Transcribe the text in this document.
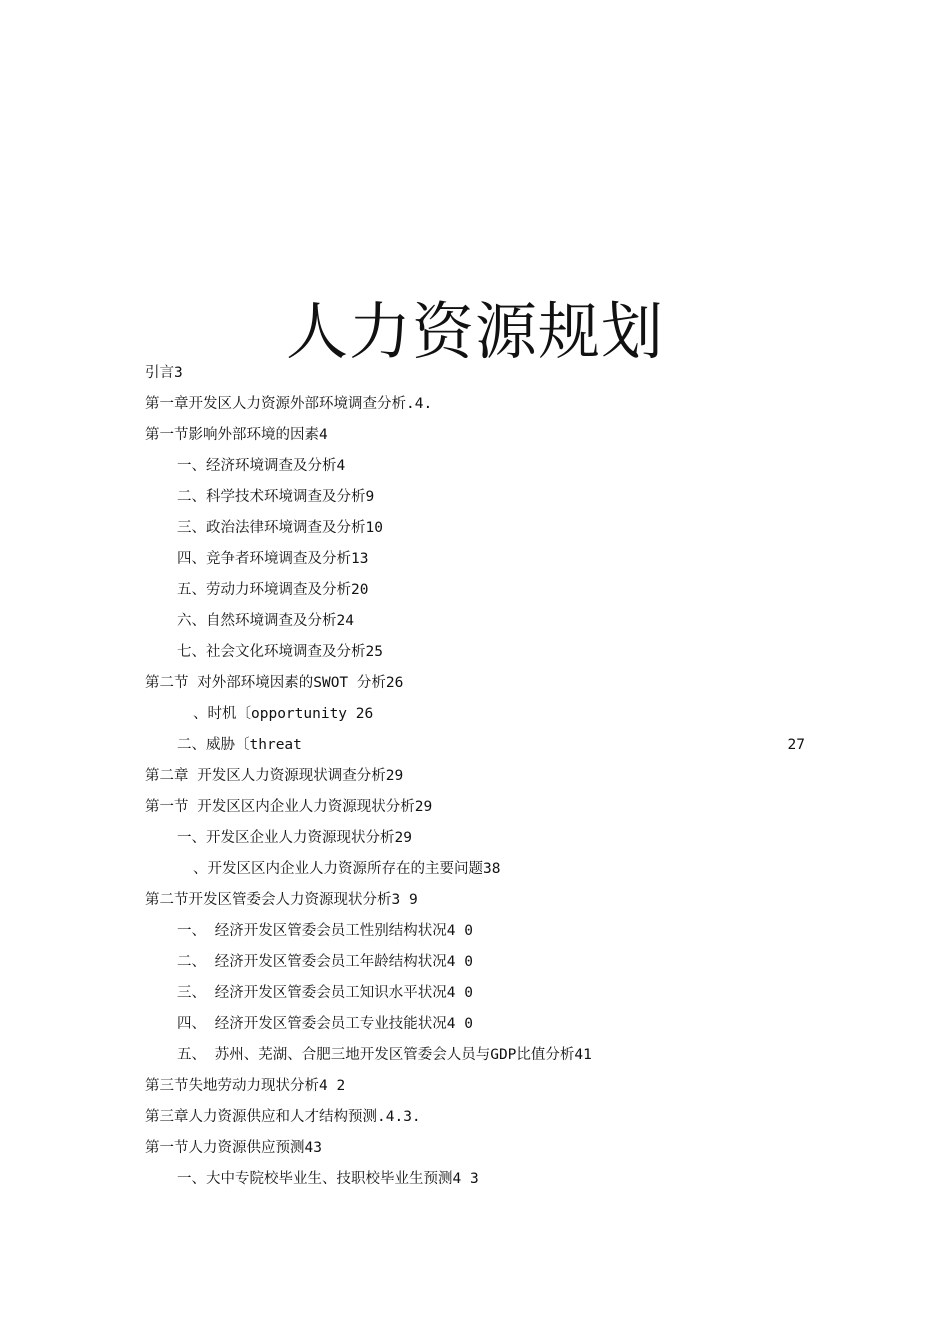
人力资源规划
引言3
第一章开发区人力资源外部环境调查分析.4.
第一节影响外部环境的因素4
一、经济环境调查及分析4
二、科学技术环境调查及分析9
三、政治法律环境调查及分析10
四、竞争者环境调查及分析13
五、劳动力环境调查及分析20
六、自然环境调查及分析24
七、社会文化环境调查及分析25
第二节 对外部环境因素的SWOT 分析26
、时机〔opportunity 26
二、威胁〔threat	27
第二章 开发区人力资源现状调查分析29
第一节 开发区区内企业人力资源现状分析29
一、开发区企业人力资源现状分析29
、开发区区内企业人力资源所存在的主要问题38
第二节开发区管委会人力资源现状分析3 9
一、 经济开发区管委会员工性别结构状况4 0
二、 经济开发区管委会员工年龄结构状况4 0
三、 经济开发区管委会员工知识水平状况4 0
四、 经济开发区管委会员工专业技能状况4 0
五、 苏州、芜湖、合肥三地开发区管委会人员与GDP比值分析41
第三节失地劳动力现状分析4 2
第三章人力资源供应和人才结构预测.4.3.
第一节人力资源供应预测43
一、大中专院校毕业生、技职校毕业生预测4 3
